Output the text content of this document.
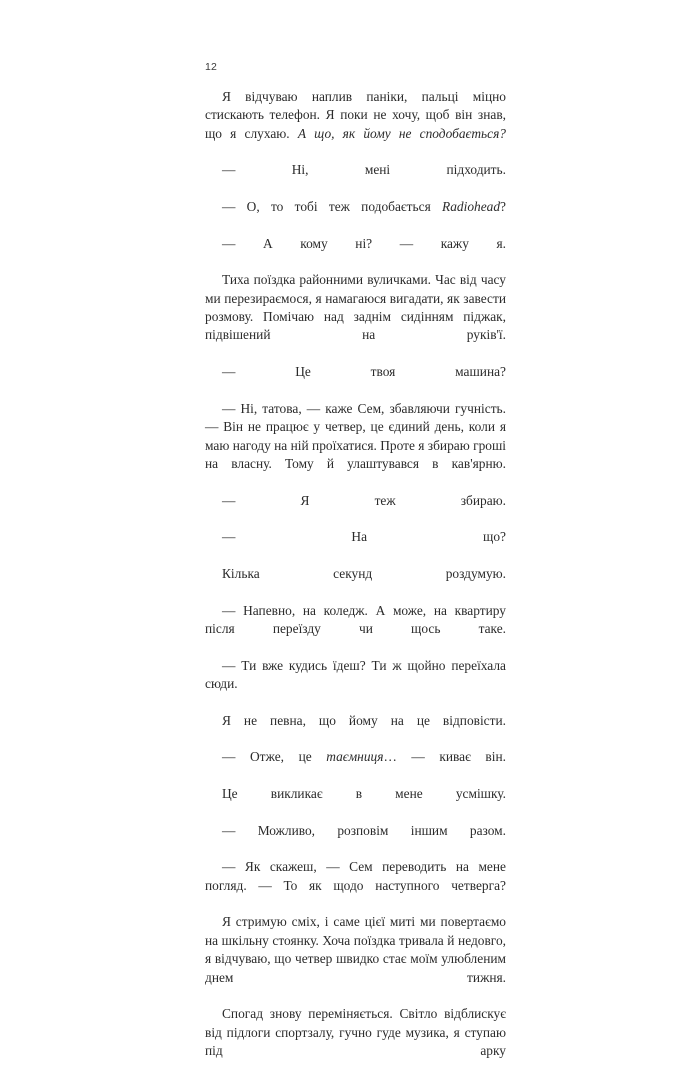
12

Я відчуваю наплив паніки, пальці міцно стискають телефон. Я поки не хочу, щоб він знав, що я слухаю. А що, як йому не сподобається?

— Ні, мені підходить.

— О, то тобі теж подобається Radiohead?

— А кому ні? — кажу я.

Тиха поїздка районними вуличками. Час від часу ми перезираємося, я намагаюся вигадати, як завести розмову. Помічаю над заднім сидінням піджак, підвішений на руків'ї.

— Це твоя машина?

— Ні, татова, — каже Сем, збавляючи гучність. — Він не працює у четвер, це єдиний день, коли я маю нагоду на ній проїхатися. Проте я збираю гроші на власну. Тому й улаштувався в кав'ярню.

— Я теж збираю.

— На що?

Кілька секунд роздумую.

— Напевно, на коледж. А може, на квартиру після переїзду чи щось таке.

— Ти вже кудись їдеш? Ти ж щойно переїхала сюди.

Я не певна, що йому на це відповісти.

— Отже, це таємниця… — киває він.

Це викликає в мене усмішку.

— Можливо, розповім іншим разом.

— Як скажеш, — Сем переводить на мене погляд. — То як щодо наступного четверга?

Я стримую сміх, і саме цієї миті ми повертаємо на шкільну стоянку. Хоча поїздка тривала й недовго, я відчуваю, що четвер швидко стає моїм улюбленим днем тижня.

Спогад знову переміняється. Світло відблискує від підлоги спортзалу, гучно гуде музика, я ступаю під арку
